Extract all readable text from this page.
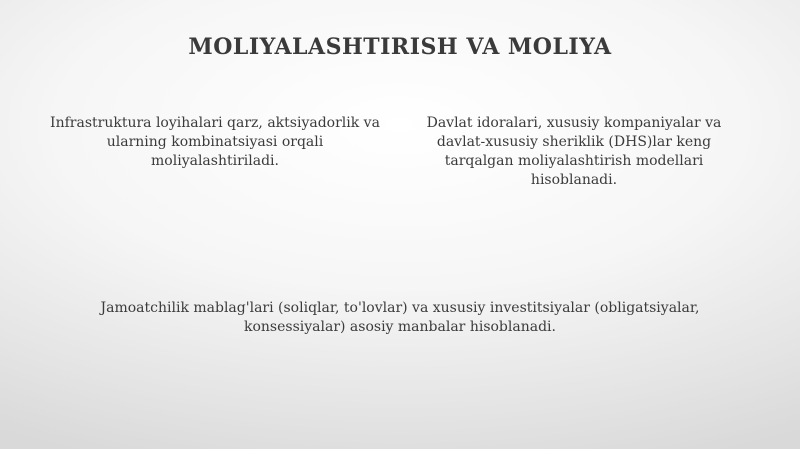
MOLIYALASHTIRISH VA MOLIYA

Infrastruktura loyihalari qarz, aktsiyadorlik va ularning kombinatsiyasi orqali moliyalashtiriladi.

Davlat idoralari, xususiy kompaniyalar va davlat-xususiy sheriklik (DHS)lar keng tarqalgan moliyalashtirish modellari hisoblanadi.

Jamoatchilik mablag'lari (soliqlar, to'lovlar) va xususiy investitsiyalar (obligatsiyalar, konsessiyalar) asosiy manbalar hisoblanadi.
